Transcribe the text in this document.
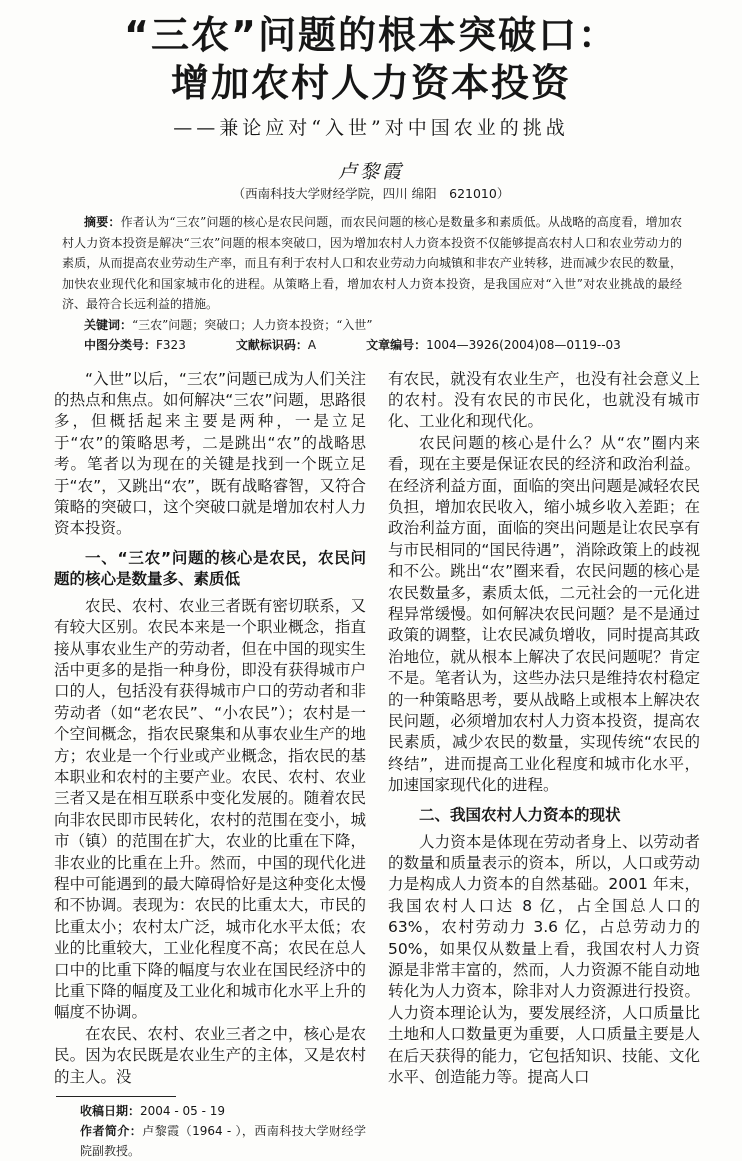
“三农”问题的根本突破口：
增加农村人力资本投资
——兼论应对“入世”对中国农业的挑战
卢黎霞
（西南科技大学财经学院，四川 绵阳　621010）
摘要：作者认为“三农”问题的核心是农民问题，而农民问题的核心是数量多和素质低。从战略的高度看，增加农村人力资本投资是解决“三农”问题的根本突破口，因为增加农村人力资本投资不仅能够提高农村人口和农业劳动力的素质，从而提高农业劳动生产率，而且有利于农村人口和农业劳动力向城镇和非农产业转移，进而减少农民的数量，加快农业现代化和国家城市化的进程。从策略上看，增加农村人力资本投资，是我国应对“入世”对农业挑战的最经济、最符合长远利益的措施。
关键词：“三农”问题；突破口；人力资本投资；“入世”
中图分类号：F323	文献标识码：A	文章编号：1004—3926(2004)08—0119--03

“入世”以后，“三农”问题已成为人们关注的热点和焦点。如何解决“三农”问题，思路很多，但概括起来主要是两种，一是立足于“农”的策略思考，二是跳出“农”的战略思考。笔者以为现在的关键是找到一个既立足于“农”，又跳出“农”，既有战略睿智，又符合策略的突破口，这个突破口就是增加农村人力资本投资。

一、“三农”问题的核心是农民，农民问题的核心是数量多、素质低

农民、农村、农业三者既有密切联系，又有较大区别。农民本来是一个职业概念，指直接从事农业生产的劳动者，但在中国的现实生活中更多的是指一种身份，即没有获得城市户口的人，包括没有获得城市户口的劳动者和非劳动者（如“老农民”、“小农民”）；农村是一个空间概念，指农民聚集和从事农业生产的地方；农业是一个行业或产业概念，指农民的基本职业和农村的主要产业。农民、农村、农业三者又是在相互联系中变化发展的。随着农民向非农民即市民转化，农村的范围在变小，城市（镇）的范围在扩大，农业的比重在下降，非农业的比重在上升。然而，中国的现代化进程中可能遇到的最大障碍恰好是这种变化太慢和不协调。表现为：农民的比重太大，市民的比重太小；农村太广泛，城市化水平太低；农业的比重较大，工业化程度不高；农民在总人口中的比重下降的幅度与农业在国民经济中的比重下降的幅度及工业化和城市化水平上升的幅度不协调。

在农民、农村、农业三者之中，核心是农民。因为农民既是农业生产的主体，又是农村的主人。没

收稿日期：2004 - 05 - 19
作者简介：卢黎霞（1964 - ），西南科技大学财经学院副教授。

有农民，就没有农业生产，也没有社会意义上的农村。没有农民的市民化，也就没有城市化、工业化和现代化。

农民问题的核心是什么？从“农”圈内来看，现在主要是保证农民的经济和政治利益。在经济利益方面，面临的突出问题是减轻农民负担，增加农民收入，缩小城乡收入差距；在政治利益方面，面临的突出问题是让农民享有与市民相同的“国民待遇”，消除政策上的歧视和不公。跳出“农”圈来看，农民问题的核心是农民数量多，素质太低，二元社会的一元化进程异常缓慢。如何解决农民问题？是不是通过政策的调整，让农民减负增收，同时提高其政治地位，就从根本上解决了农民问题呢？肯定不是。笔者认为，这些办法只是维持农村稳定的一种策略思考，要从战略上或根本上解决农民问题，必须增加农村人力资本投资，提高农民素质，减少农民的数量，实现传统“农民的终结”，进而提高工业化程度和城市化水平，加速国家现代化的进程。

二、我国农村人力资本的现状

人力资本是体现在劳动者身上、以劳动者的数量和质量表示的资本，所以，人口或劳动力是构成人力资本的自然基础。2001 年末，我国农村人口达 8 亿，占全国总人口的 63%，农村劳动力 3.6 亿，占总劳动力的 50%，如果仅从数量上看，我国农村人力资源是非常丰富的，然而，人力资源不能自动地转化为人力资本，除非对人力资源进行投资。人力资本理论认为，要发展经济，人口质量比土地和人口数量更为重要，人口质量主要是人在后天获得的能力，它包括知识、技能、文化水平、创造能力等。提高人口
